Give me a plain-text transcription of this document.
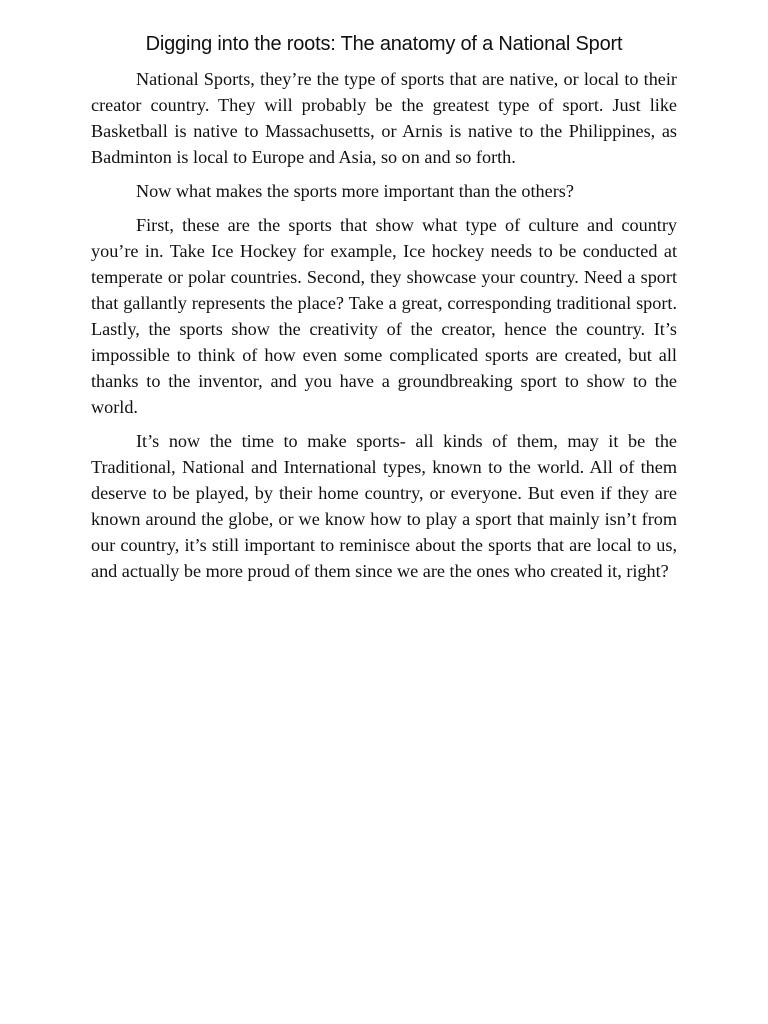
Digging into the roots: The anatomy of a National Sport

National Sports, they’re the type of sports that are native, or local to their creator country. They will probably be the greatest type of sport. Just like Basketball is native to Massachusetts, or Arnis is native to the Philippines, as Badminton is local to Europe and Asia, so on and so forth.

Now what makes the sports more important than the others?

First, these are the sports that show what type of culture and country you’re in. Take Ice Hockey for example, Ice hockey needs to be conducted at temperate or polar countries. Second, they showcase your country. Need a sport that gallantly represents the place? Take a great, corresponding traditional sport. Lastly, the sports show the creativity of the creator, hence the country. It’s impossible to think of how even some complicated sports are created, but all thanks to the inventor, and you have a groundbreaking sport to show to the world.

It’s now the time to make sports- all kinds of them, may it be the Traditional, National and International types, known to the world. All of them deserve to be played, by their home country, or everyone. But even if they are known around the globe, or we know how to play a sport that mainly isn’t from our country, it’s still important to reminisce about the sports that are local to us, and actually be more proud of them since we are the ones who created it, right?
